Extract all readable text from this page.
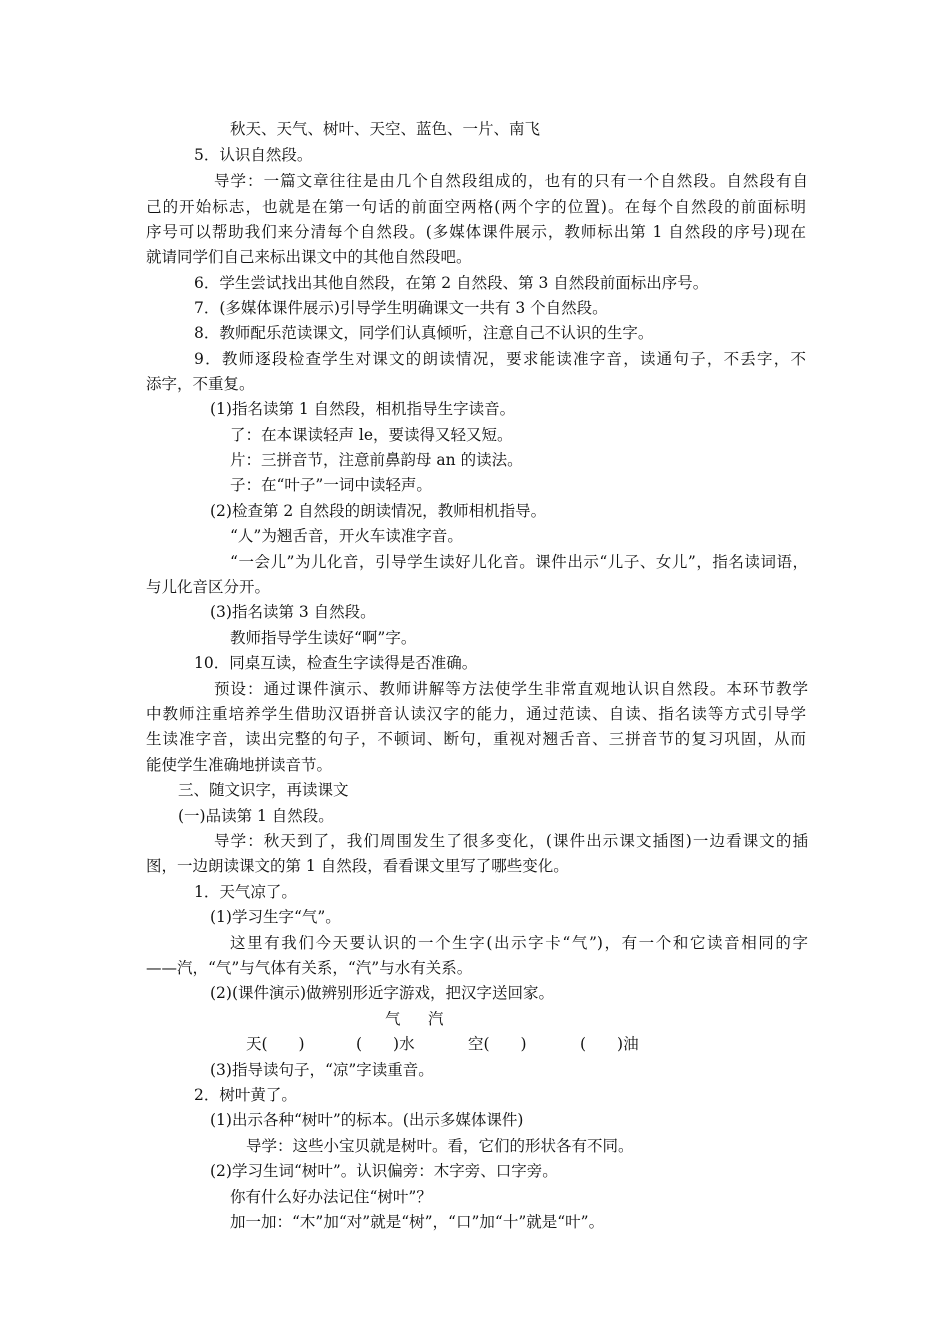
秋天、天气、树叶、天空、蓝色、一片、南飞
5．认识自然段。
导学：一篇文章往往是由几个自然段组成的，也有的只有一个自然段。自然段有自
己的开始标志，也就是在第一句话的前面空两格(两个字的位置)。在每个自然段的前面标明
序号可以帮助我们来分清每个自然段。(多媒体课件展示，教师标出第 1 自然段的序号)现在
就请同学们自己来标出课文中的其他自然段吧。
6．学生尝试找出其他自然段，在第 2 自然段、第 3 自然段前面标出序号。
7．(多媒体课件展示)引导学生明确课文一共有 3 个自然段。
8．教师配乐范读课文，同学们认真倾听，注意自己不认识的生字。
9．教师逐段检查学生对课文的朗读情况，要求能读准字音，读通句子，不丢字，不
添字，不重复。
(1)指名读第 1 自然段，相机指导生字读音。
了：在本课读轻声 le，要读得又轻又短。
片：三拼音节，注意前鼻韵母 an 的读法。
子：在“叶子”一词中读轻声。
(2)检查第 2 自然段的朗读情况，教师相机指导。
“人”为翘舌音，开火车读准字音。
“一会儿”为儿化音，引导学生读好儿化音。课件出示“儿子、女儿”，指名读词语，
与儿化音区分开。
(3)指名读第 3 自然段。
教师指导学生读好“啊”字。
10．同桌互读，检查生字读得是否准确。
预设：通过课件演示、教师讲解等方法使学生非常直观地认识自然段。本环节教学
中教师注重培养学生借助汉语拼音认读汉字的能力，通过范读、自读、指名读等方式引导学
生读准字音，读出完整的句子，不顿词、断句，重视对翘舌音、三拼音节的复习巩固，从而
能使学生准确地拼读音节。
三、随文识字，再读课文
(一)品读第 1 自然段。
导学：秋天到了，我们周围发生了很多变化，(课件出示课文插图)一边看课文的插
图，一边朗读课文的第 1 自然段，看看课文里写了哪些变化。
1．天气凉了。
(1)学习生字“气”。
这里有我们今天要认识的一个生字(出示字卡“气”)，有一个和它读音相同的字
——汽，“气”与气体有关系，“汽”与水有关系。
(2)(课件演示)做辨别形近字游戏，把汉字送回家。
气 汽
天(　　)	(　　)水	空(　　)	(　　)油
(3)指导读句子，“凉”字读重音。
2．树叶黄了。
(1)出示各种“树叶”的标本。(出示多媒体课件)
导学：这些小宝贝就是树叶。看，它们的形状各有不同。
(2)学习生词“树叶”。认识偏旁：木字旁、口字旁。
你有什么好办法记住“树叶”？
加一加：“木”加“对”就是“树”，“口”加“十”就是“叶”。
